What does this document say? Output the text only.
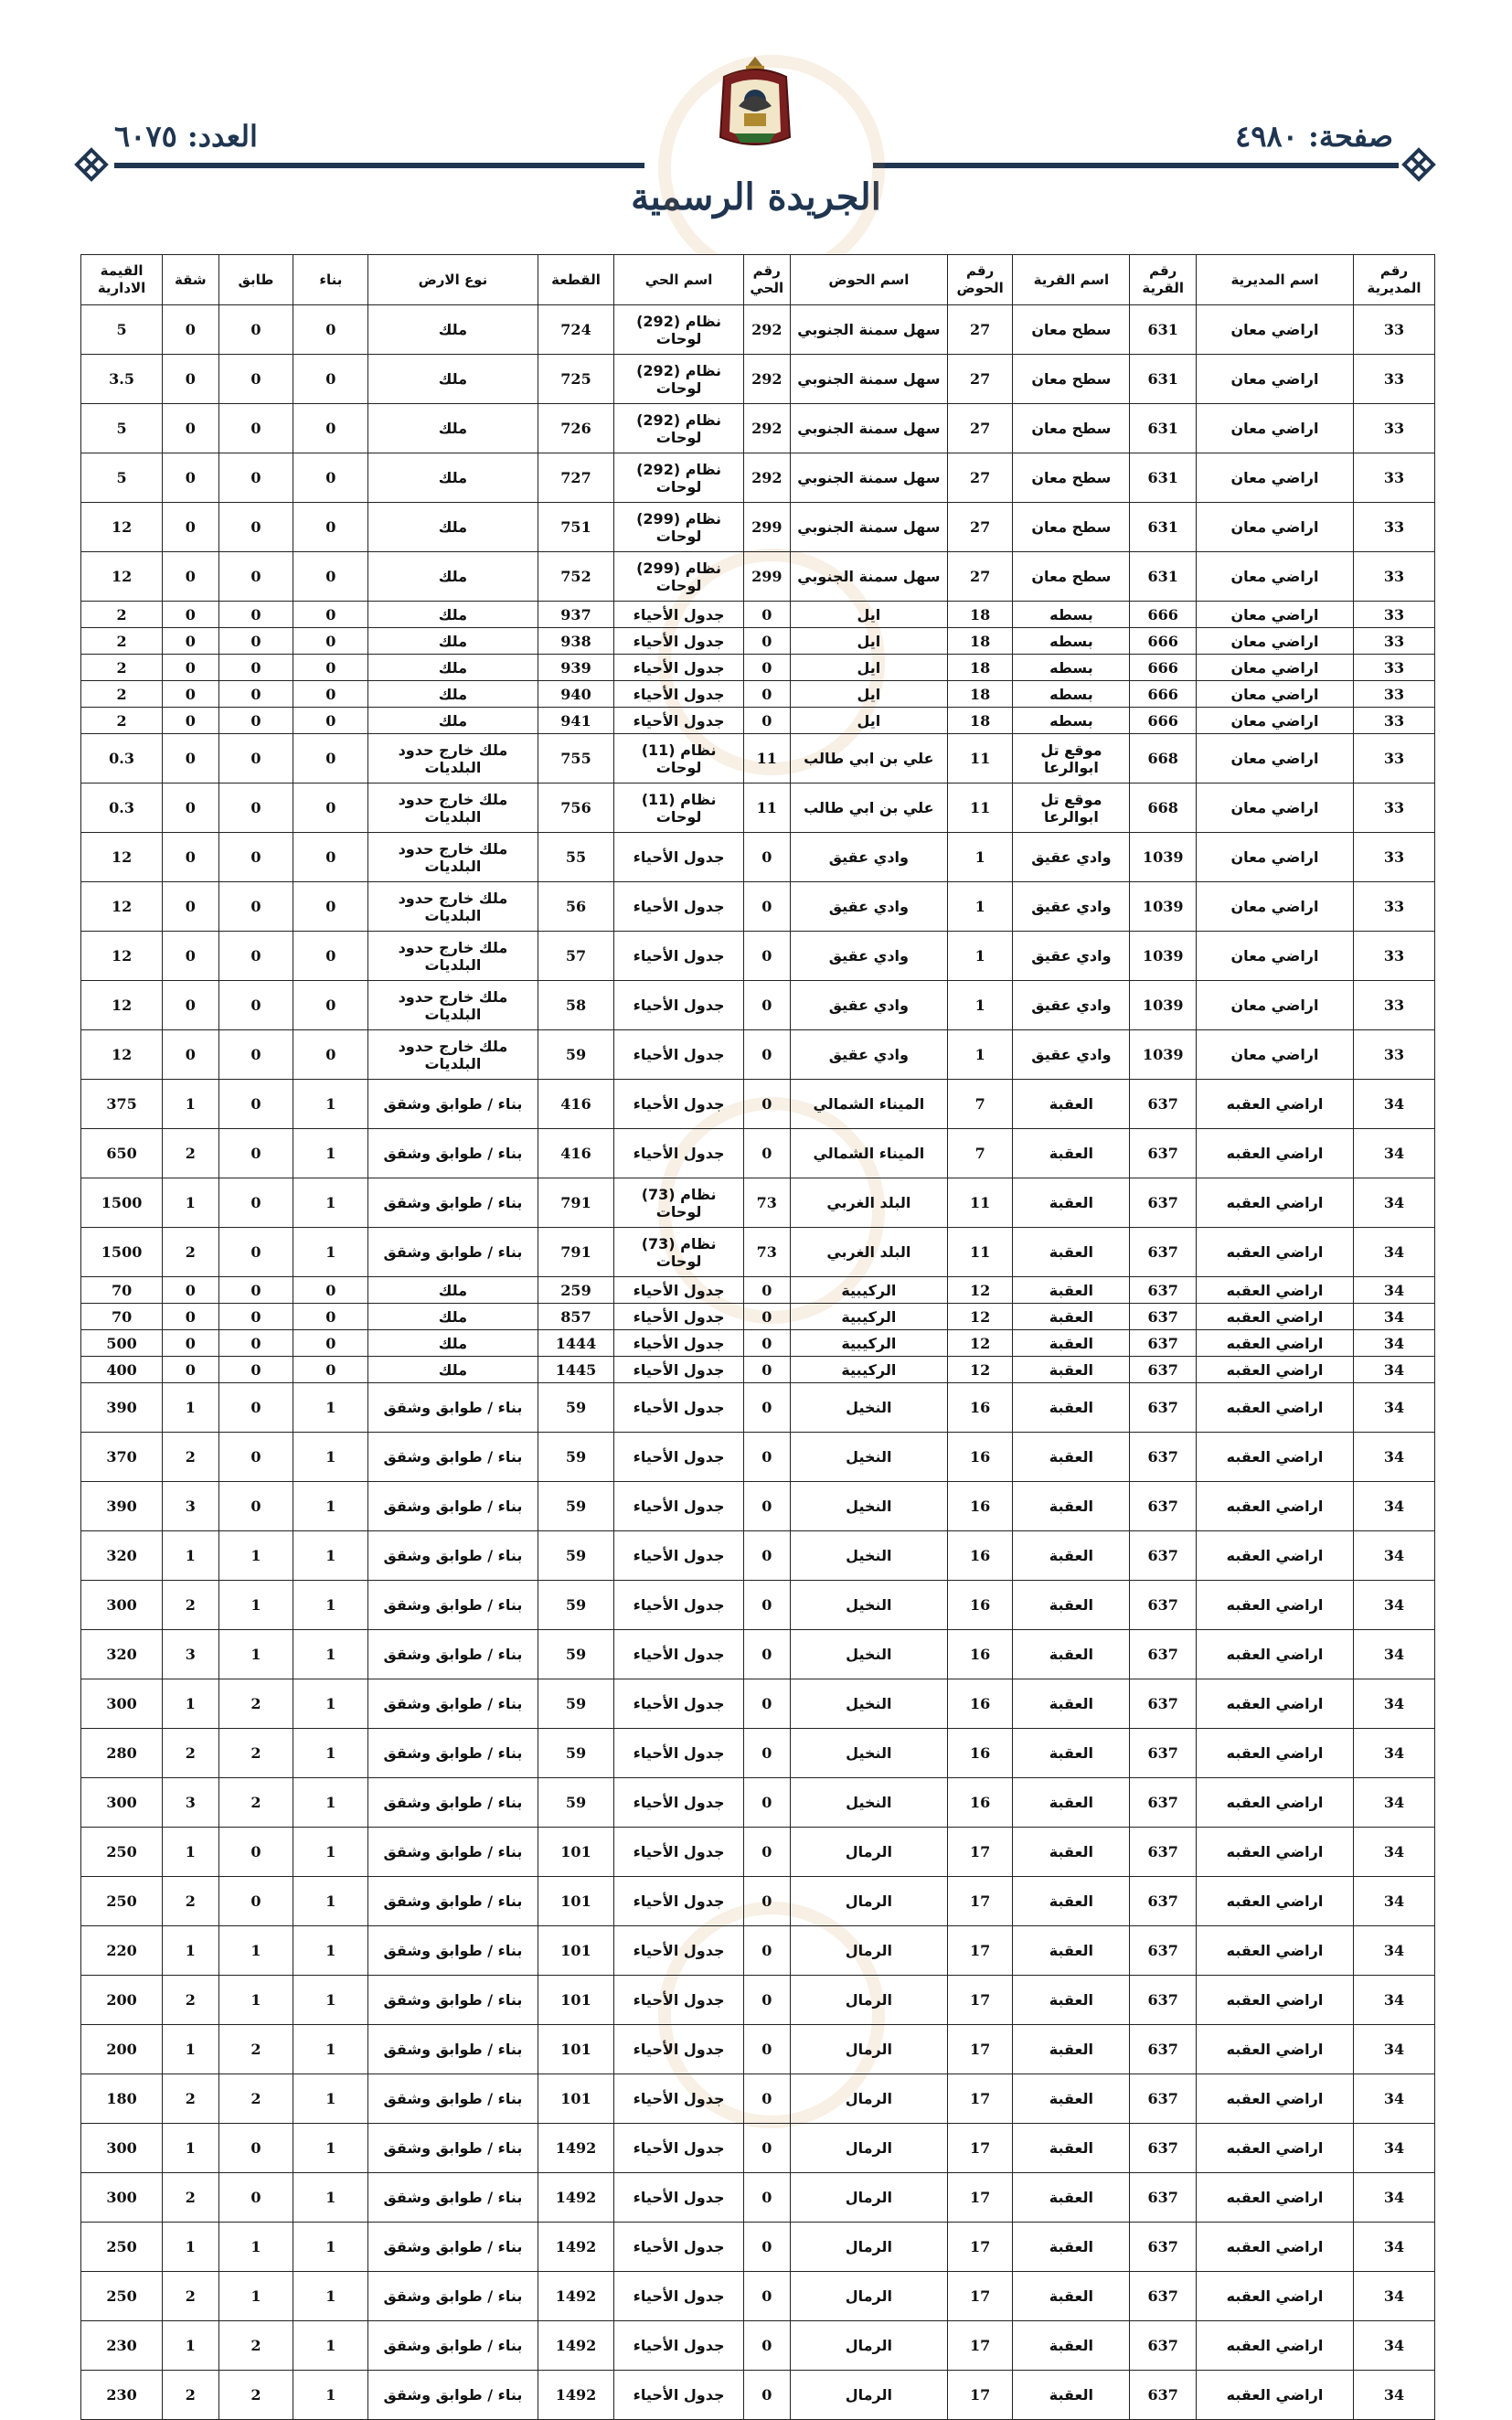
صفحة: ٤٩٨٠
العدد: ٦٠٧٥
الجريدة الرسمية
رقم المديرية	اسم المديرية	رقم القرية	اسم القرية	رقم الحوض	اسم الحوض	رقم الحي	اسم الحي	القطعة	نوع الارض	بناء	طابق	شقة	القيمة الادارية
33	اراضي معان	631	سطح معان	27	سهل سمنة الجنوبي	292	نظام (292) لوحات	724	ملك	0	0	0	5
33	اراضي معان	631	سطح معان	27	سهل سمنة الجنوبي	292	نظام (292) لوحات	725	ملك	0	0	0	3.5
33	اراضي معان	631	سطح معان	27	سهل سمنة الجنوبي	292	نظام (292) لوحات	726	ملك	0	0	0	5
33	اراضي معان	631	سطح معان	27	سهل سمنة الجنوبي	292	نظام (292) لوحات	727	ملك	0	0	0	5
33	اراضي معان	631	سطح معان	27	سهل سمنة الجنوبي	299	نظام (299) لوحات	751	ملك	0	0	0	12
33	اراضي معان	631	سطح معان	27	سهل سمنة الجنوبي	299	نظام (299) لوحات	752	ملك	0	0	0	12
33	اراضي معان	666	بسطه	18	ايل	0	جدول الأحياء	937	ملك	0	0	0	2
33	اراضي معان	666	بسطه	18	ايل	0	جدول الأحياء	938	ملك	0	0	0	2
33	اراضي معان	666	بسطه	18	ايل	0	جدول الأحياء	939	ملك	0	0	0	2
33	اراضي معان	666	بسطه	18	ايل	0	جدول الأحياء	940	ملك	0	0	0	2
33	اراضي معان	666	بسطه	18	ايل	0	جدول الأحياء	941	ملك	0	0	0	2
33	اراضي معان	668	موقع تل ابوالرعا	11	علي بن ابي طالب	11	نظام (11) لوحات	755	ملك خارج حدود البلديات	0	0	0	0.3
33	اراضي معان	668	موقع تل ابوالرعا	11	علي بن ابي طالب	11	نظام (11) لوحات	756	ملك خارج حدود البلديات	0	0	0	0.3
33	اراضي معان	1039	وادي عقيق	1	وادي عقيق	0	جدول الأحياء	55	ملك خارج حدود البلديات	0	0	0	12
33	اراضي معان	1039	وادي عقيق	1	وادي عقيق	0	جدول الأحياء	56	ملك خارج حدود البلديات	0	0	0	12
33	اراضي معان	1039	وادي عقيق	1	وادي عقيق	0	جدول الأحياء	57	ملك خارج حدود البلديات	0	0	0	12
33	اراضي معان	1039	وادي عقيق	1	وادي عقيق	0	جدول الأحياء	58	ملك خارج حدود البلديات	0	0	0	12
33	اراضي معان	1039	وادي عقيق	1	وادي عقيق	0	جدول الأحياء	59	ملك خارج حدود البلديات	0	0	0	12
34	اراضي العقبه	637	العقبة	7	الميناء الشمالي	0	جدول الأحياء	416	بناء / طوابق وشقق	1	0	1	375
34	اراضي العقبه	637	العقبة	7	الميناء الشمالي	0	جدول الأحياء	416	بناء / طوابق وشقق	1	0	2	650
34	اراضي العقبه	637	العقبة	11	البلد الغربي	73	نظام (73) لوحات	791	بناء / طوابق وشقق	1	0	1	1500
34	اراضي العقبه	637	العقبة	11	البلد الغربي	73	نظام (73) لوحات	791	بناء / طوابق وشقق	1	0	2	1500
34	اراضي العقبه	637	العقبة	12	الركيبية	0	جدول الأحياء	259	ملك	0	0	0	70
34	اراضي العقبه	637	العقبة	12	الركيبية	0	جدول الأحياء	857	ملك	0	0	0	70
34	اراضي العقبه	637	العقبة	12	الركيبية	0	جدول الأحياء	1444	ملك	0	0	0	500
34	اراضي العقبه	637	العقبة	12	الركيبية	0	جدول الأحياء	1445	ملك	0	0	0	400
34	اراضي العقبه	637	العقبة	16	النخيل	0	جدول الأحياء	59	بناء / طوابق وشقق	1	0	1	390
34	اراضي العقبه	637	العقبة	16	النخيل	0	جدول الأحياء	59	بناء / طوابق وشقق	1	0	2	370
34	اراضي العقبه	637	العقبة	16	النخيل	0	جدول الأحياء	59	بناء / طوابق وشقق	1	0	3	390
34	اراضي العقبه	637	العقبة	16	النخيل	0	جدول الأحياء	59	بناء / طوابق وشقق	1	1	1	320
34	اراضي العقبه	637	العقبة	16	النخيل	0	جدول الأحياء	59	بناء / طوابق وشقق	1	1	2	300
34	اراضي العقبه	637	العقبة	16	النخيل	0	جدول الأحياء	59	بناء / طوابق وشقق	1	1	3	320
34	اراضي العقبه	637	العقبة	16	النخيل	0	جدول الأحياء	59	بناء / طوابق وشقق	1	2	1	300
34	اراضي العقبه	637	العقبة	16	النخيل	0	جدول الأحياء	59	بناء / طوابق وشقق	1	2	2	280
34	اراضي العقبه	637	العقبة	16	النخيل	0	جدول الأحياء	59	بناء / طوابق وشقق	1	2	3	300
34	اراضي العقبه	637	العقبة	17	الرمال	0	جدول الأحياء	101	بناء / طوابق وشقق	1	0	1	250
34	اراضي العقبه	637	العقبة	17	الرمال	0	جدول الأحياء	101	بناء / طوابق وشقق	1	0	2	250
34	اراضي العقبه	637	العقبة	17	الرمال	0	جدول الأحياء	101	بناء / طوابق وشقق	1	1	1	220
34	اراضي العقبه	637	العقبة	17	الرمال	0	جدول الأحياء	101	بناء / طوابق وشقق	1	1	2	200
34	اراضي العقبه	637	العقبة	17	الرمال	0	جدول الأحياء	101	بناء / طوابق وشقق	1	2	1	200
34	اراضي العقبه	637	العقبة	17	الرمال	0	جدول الأحياء	101	بناء / طوابق وشقق	1	2	2	180
34	اراضي العقبه	637	العقبة	17	الرمال	0	جدول الأحياء	1492	بناء / طوابق وشقق	1	0	1	300
34	اراضي العقبه	637	العقبة	17	الرمال	0	جدول الأحياء	1492	بناء / طوابق وشقق	1	0	2	300
34	اراضي العقبه	637	العقبة	17	الرمال	0	جدول الأحياء	1492	بناء / طوابق وشقق	1	1	1	250
34	اراضي العقبه	637	العقبة	17	الرمال	0	جدول الأحياء	1492	بناء / طوابق وشقق	1	1	2	250
34	اراضي العقبه	637	العقبة	17	الرمال	0	جدول الأحياء	1492	بناء / طوابق وشقق	1	2	1	230
34	اراضي العقبه	637	العقبة	17	الرمال	0	جدول الأحياء	1492	بناء / طوابق وشقق	1	2	2	230
